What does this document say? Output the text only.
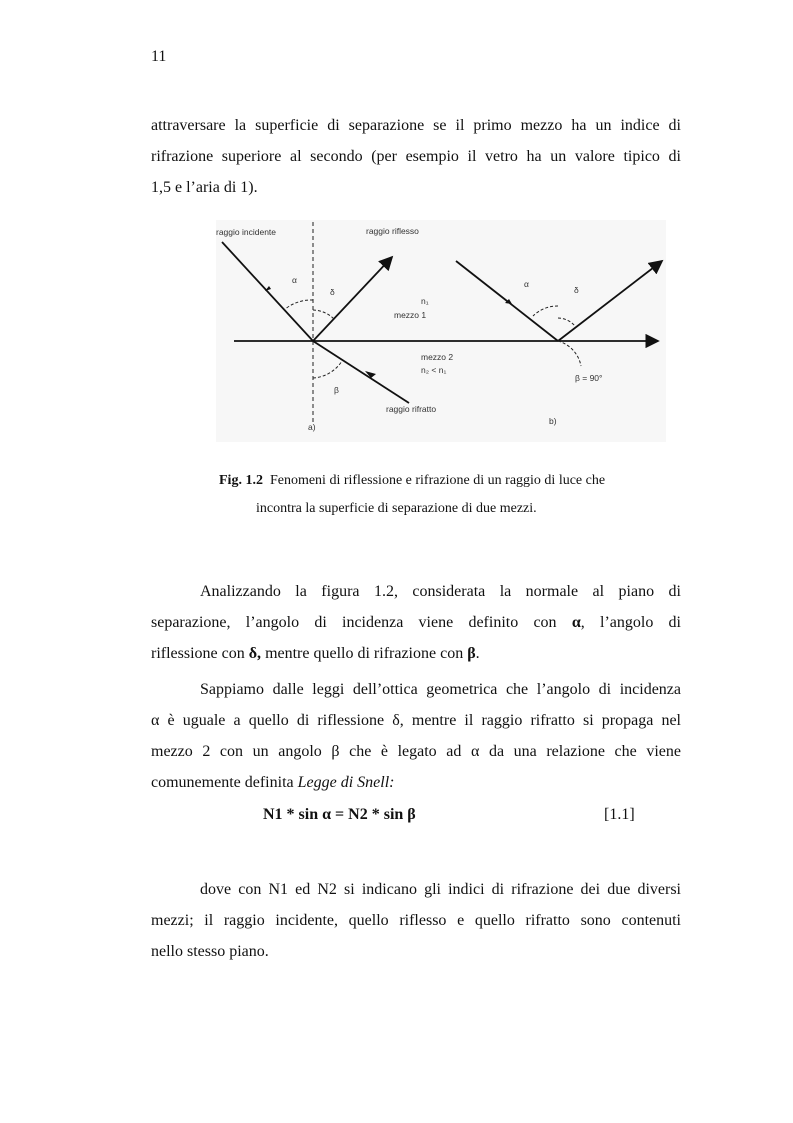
11
attraversare la superficie di separazione se il primo mezzo ha un indice di
rifrazione superiore al secondo (per esempio il vetro ha un valore tipico di
1,5 e l’aria di 1).
raggio incidente	raggio riflesso
raggio rifratto
n₁
mezzo 1
mezzo 2
n₂ < n₁
α
δ
β
a)
α
δ
β = 90°
b)
Fig. 1.2 Fenomeni di riflessione e rifrazione di un raggio di luce che
incontra la superficie di separazione di due mezzi.
Analizzando la figura 1.2, considerata la normale al piano di
separazione, l’angolo di incidenza viene definito con α, l’angolo di
riflessione con δ, mentre quello di rifrazione con β.
Sappiamo dalle leggi dell’ottica geometrica che l’angolo di incidenza
α è uguale a quello di riflessione δ, mentre il raggio rifratto si propaga nel
mezzo 2 con un angolo β che è legato ad α da una relazione che viene
comunemente definita Legge di Snell:
N1 * sin α = N2 * sin β	[1.1]
dove con N1 ed N2 si indicano gli indici di rifrazione dei due diversi
mezzi; il raggio incidente, quello riflesso e quello rifratto sono contenuti
nello stesso piano.
